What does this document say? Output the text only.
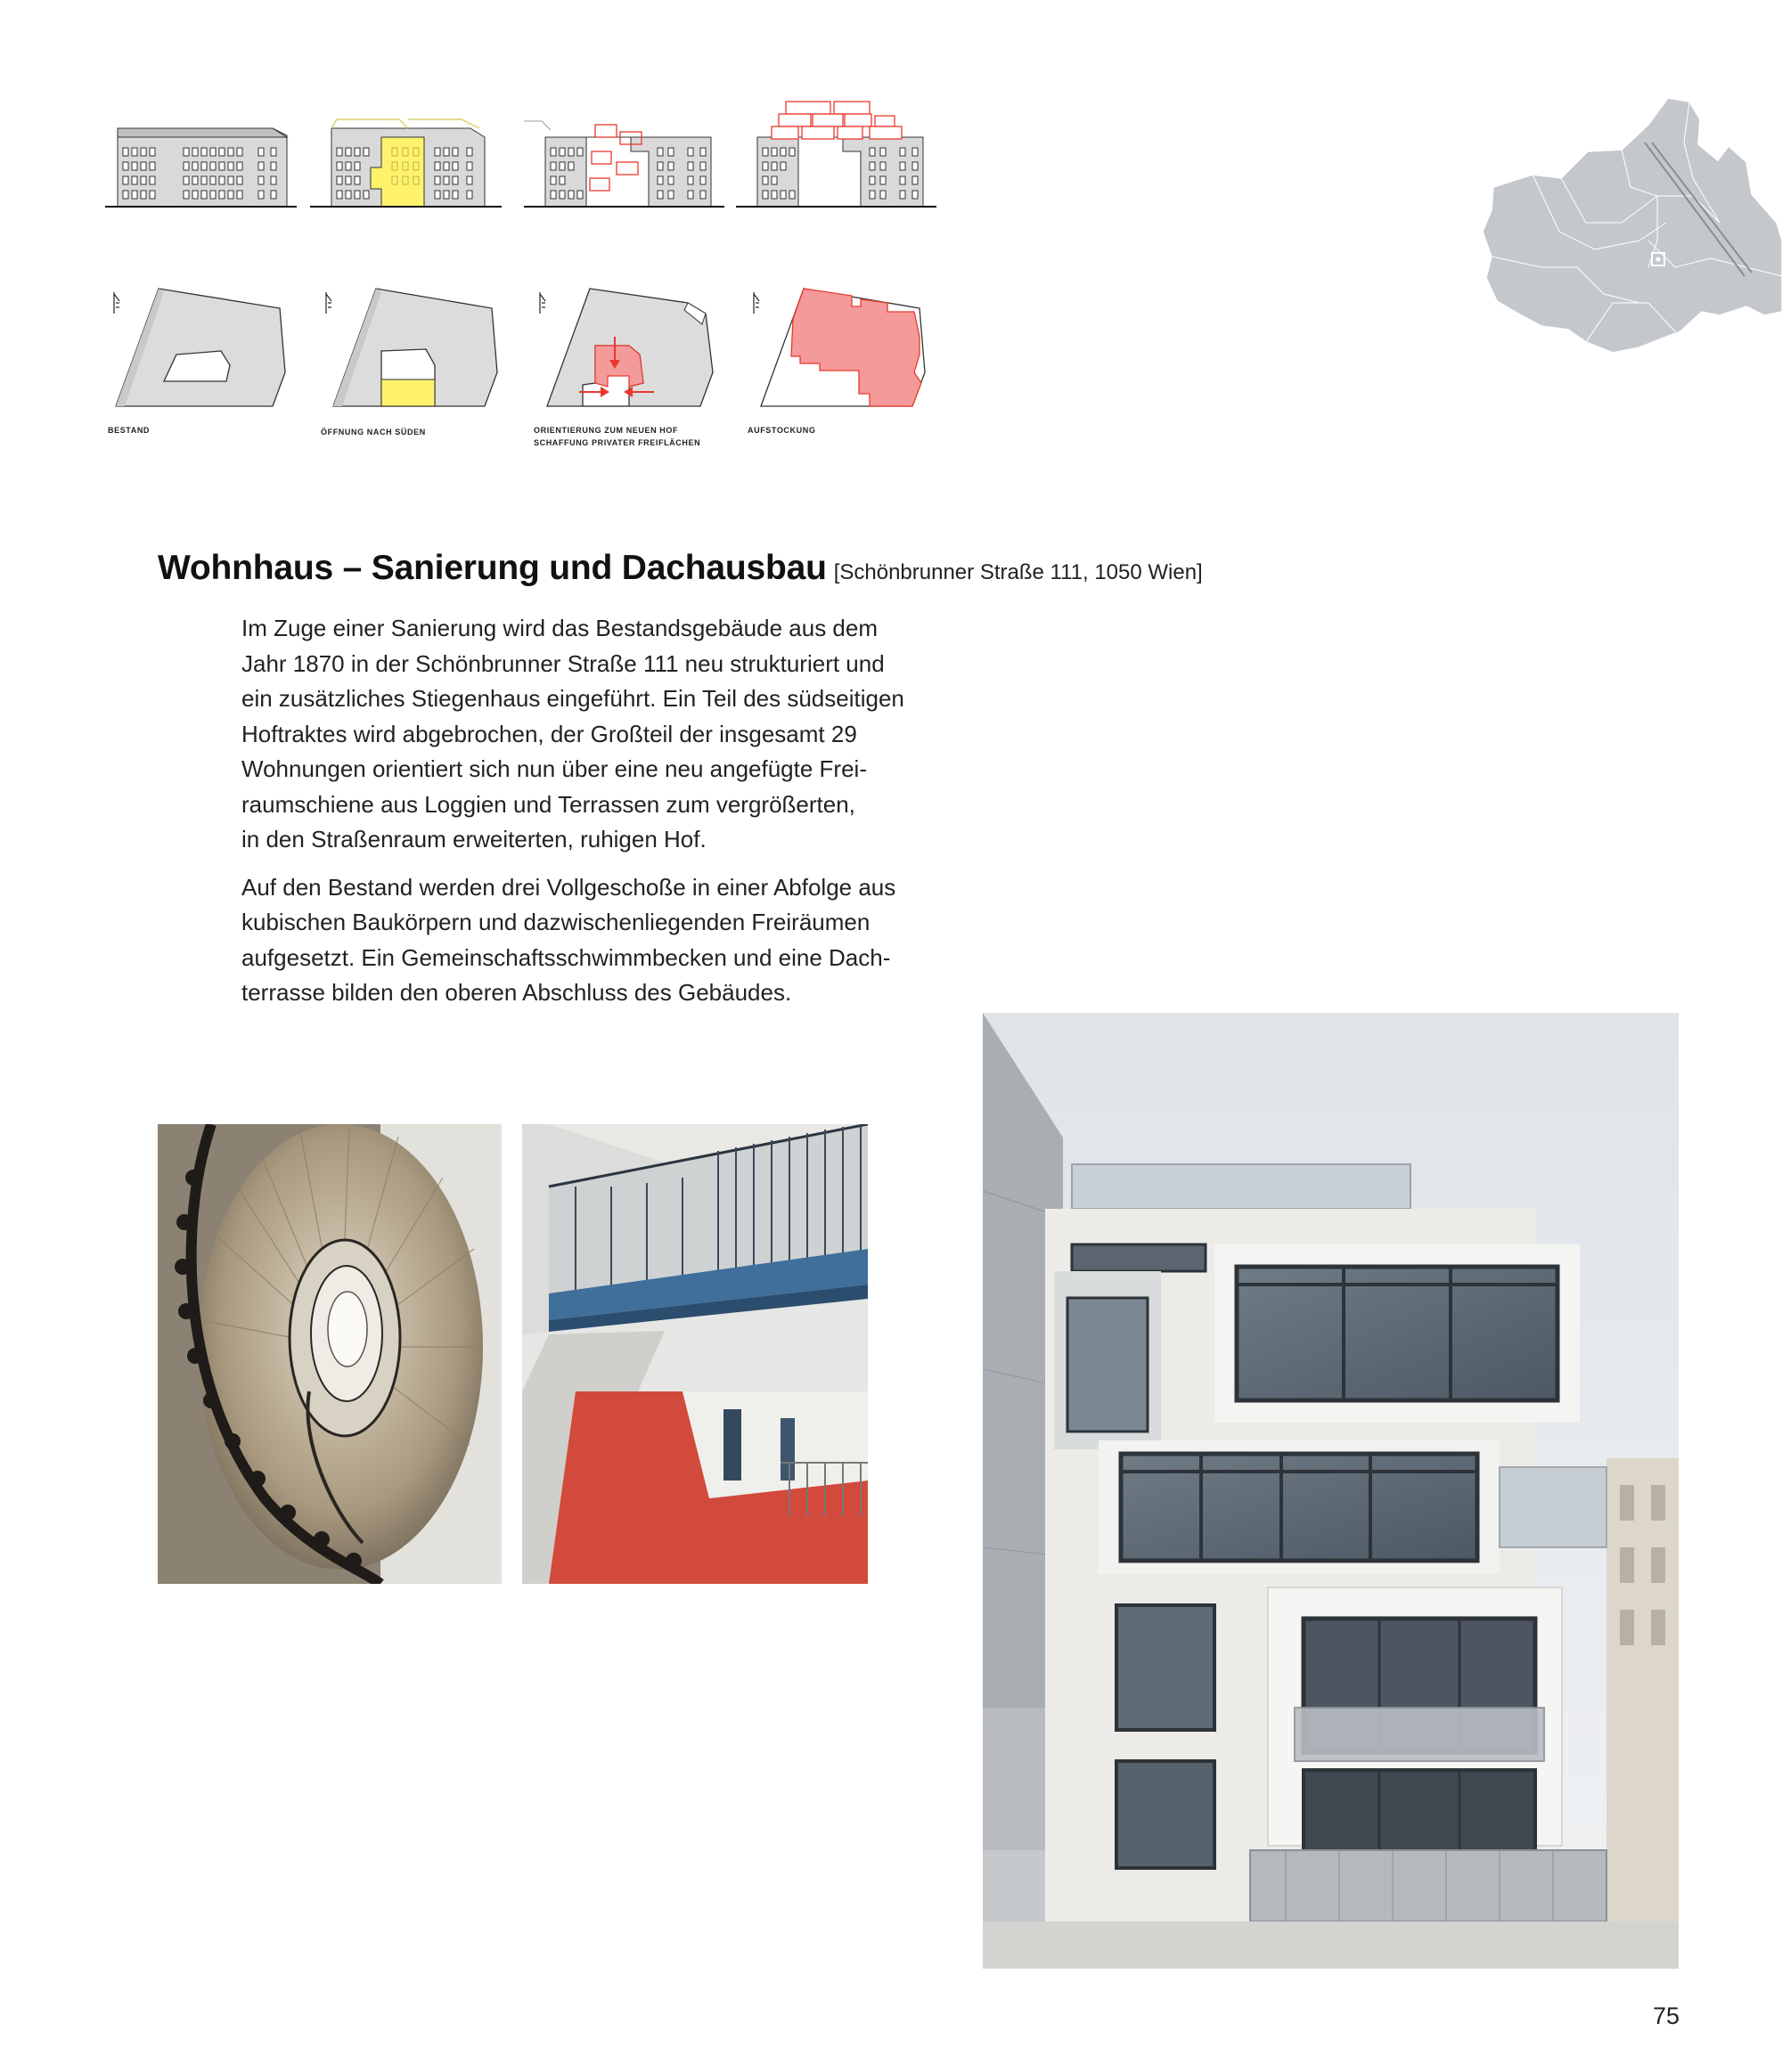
BESTAND	ÖFFNUNG NACH SÜDEN	ORIENTIERUNG ZUM NEUEN HOF
SCHAFFUNG PRIVATER FREIFLÄCHEN
AUFSTOCKUNG
Wohnhaus – Sanierung und Dachausbau [Schönbrunner Straße 111, 1050 Wien]

Im Zuge einer Sanierung wird das Bestandsgebäude aus dem
Jahr 1870 in der Schönbrunner Straße 111 neu strukturiert und
ein zusätzliches Stiegenhaus eingeführt. Ein Teil des südseitigen
Hoftraktes wird abgebrochen, der Großteil der insgesamt 29
Wohnungen orientiert sich nun über eine neu angefügte Frei-
raumschiene aus Loggien und Terrassen zum vergrößerten,
in den Straßenraum erweiterten, ruhigen Hof.

Auf den Bestand werden drei Vollgeschoße in einer Abfolge aus
kubischen Baukörpern und dazwischenliegenden Freiräumen
aufgesetzt. Ein Gemeinschaftsschwimmbecken und eine Dach-
terrasse bilden den oberen Abschluss des Gebäudes.

75
